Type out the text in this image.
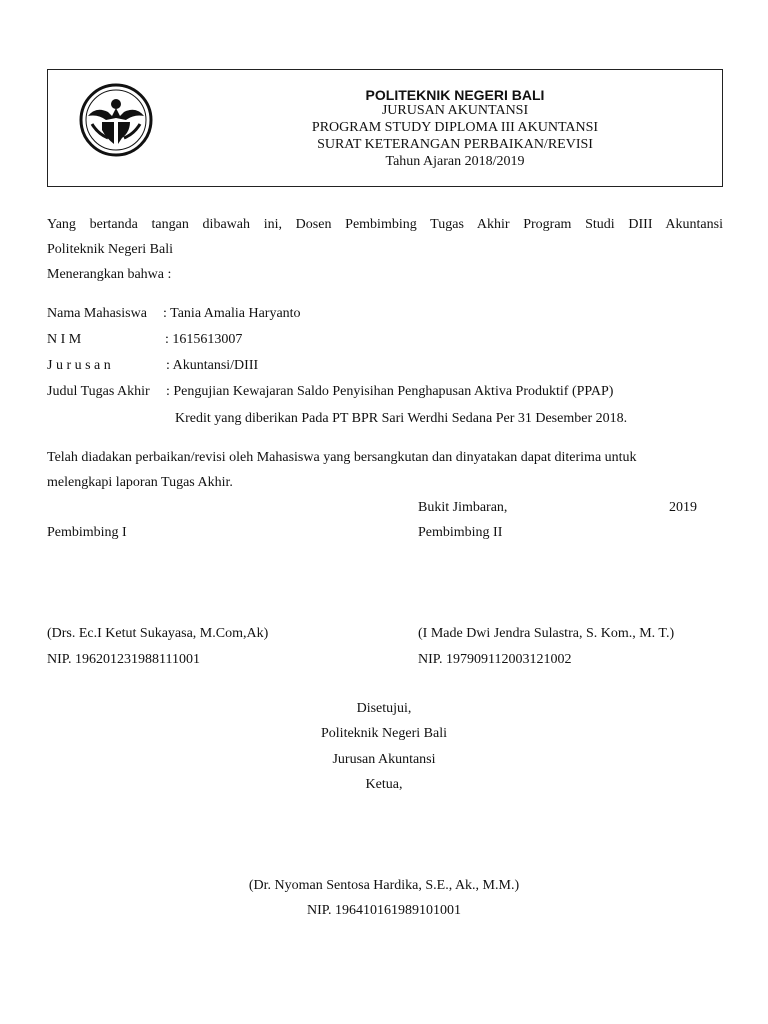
POLITEKNIK NEGERI BALI
JURUSAN AKUNTANSI
PROGRAM STUDY DIPLOMA III AKUNTANSI
SURAT KETERANGAN PERBAIKAN/REVISI
Tahun Ajaran 2018/2019
Yang bertanda tangan dibawah ini, Dosen Pembimbing Tugas Akhir Program Studi DIII Akuntansi
Politeknik Negeri Bali
Menerangkan bahwa :
Nama Mahasiswa : Tania Amalia Haryanto
N I M	: 1615613007
J u r u s a n	: Akuntansi/DIII
Judul Tugas Akhir : Pengujian Kewajaran Saldo Penyisihan Penghapusan Aktiva Produktif (PPAP)
Kredit yang diberikan Pada PT BPR Sari Werdhi Sedana Per 31 Desember 2018.
Telah diadakan perbaikan/revisi oleh Mahasiswa yang bersangkutan dan dinyatakan dapat diterima untuk
melengkapi laporan Tugas Akhir.
Bukit Jimbaran,	2019
Pembimbing I	Pembimbing II
(Drs. Ec.I Ketut Sukayasa, M.Com,Ak)	(I Made Dwi Jendra Sulastra, S. Kom., M. T.)
NIP. 196201231988111001	NIP. 197909112003121002
Disetujui,
Politeknik Negeri Bali
Jurusan Akuntansi
Ketua,
(Dr. Nyoman Sentosa Hardika, S.E., Ak., M.M.)
NIP. 196410161989101001
